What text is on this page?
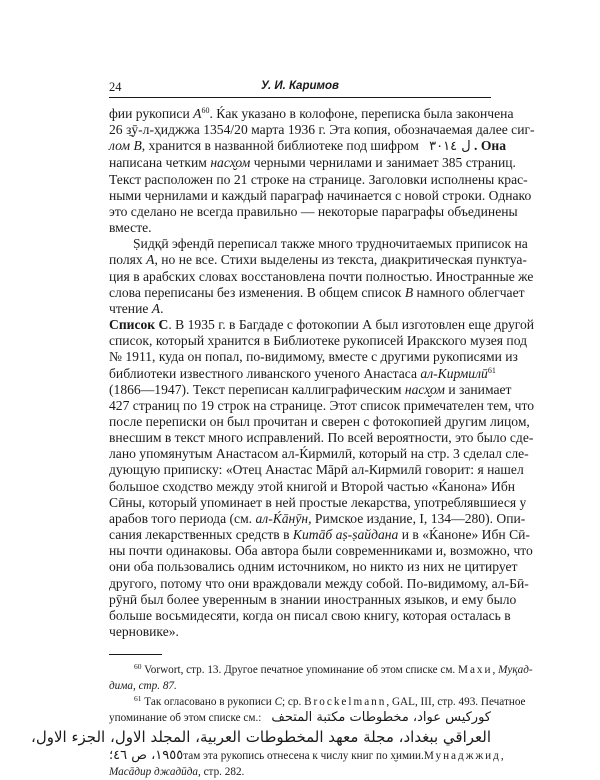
24	У. И. Каримов
фии рукописи $A^{60}$. Ќак указано в колофоне, переписка была закончена
26 з̱ӯ-л-ҳиджжа 1354/20 марта 1936 г. Эта копия, обозначаемая далее сиг-
лом B, хранится в названной библиотеке под шифром ل ۳۰۱٤ . Она
написана четким насх̮ом черными чернилами и занимает 385 страниц.
Текст расположен по 21 строке на странице. Заголовки исполнены крас-
ными чернилами и каждый параграф начинается с новой строки. Однако
это сделано не всегда правильно — некоторые параграфы объединены
вместе.
Ṣидқӣ эфендӣ переписал также много трудночитаемых приписок на
полях A, но не все. Стихи выделены из текста, диакритическая пунктуа-
ция в арабских словах восстановлена почти полностью. Иностранные же
слова переписаны без изменения. В общем список B намного облегчает
чтение A.
Список C. В 1935 г. в Багдаде с фотокопии А был изготовлен еще другой
список, который хранится в Библиотеке рукописей Иракского музея под
№ 1911, куда он попал, по-видимому, вместе с другими рукописями из
библиотеки известного ливанского ученого Анастаса ал-Кирмилӣ$^{61}$
(1866—1947). Текст переписан каллиграфическим насх̮ом и занимает
427 страниц по 19 строк на странице. Этот список примечателен тем, что
после переписки он был прочитан и сверен с фотокопией другим лицом,
внесшим в текст много исправлений. По всей вероятности, это было сде-
лано упомянутым Анастасом ал-Ќирмилӣ, который на стр. 3 сделал сле-
дующую приписку: «Отец Анастас Мāрӣ ал-Кирмилӣ говорит: я нашел
большое сходство между этой книгой и Второй частью «Ќанона» Ибн
Сӣны, который упоминает в ней простые лекарства, употреблявшиеся у
арабов того периода (см. ал-Ќāнӯн, Римское издание, I, 134—280). Опи-
сания лекарственных средств в Китāб аṣ-ṣайдана и в «Ќаноне» Ибн Сӣ-
ны почти одинаковы. Оба автора были современниками и, возможно, что
они оба пользовались одним источником, но никто из них не цитирует
другого, потому что они враждовали между собой. По-видимому, ал-Бӣ-
рӯнӣ был более уверенным в знании иностранных языков, и ему было
больше восьмидесяти, когда он писал свою книгу, которая осталась в
черновике».
$^{60}$ Vorwort, стр. 13. Другое печатное упоминание об этом списке см. Махи, Муқад-
дима, стр. 87.
$^{61}$ Так огласовано в рукописи C; ср. Brockelmann, GAL, III, стр. 493. Печатное
упоминание об этом списке см.: كوركيس عواد، مخطوطات مكتبة المتحف
العراقي ببغداد، مجلة معهد المخطوطات العربية، المجلد الاول، الجزء الاول،
١٩٥٥، ص ٤٦؛ там эта рукопись отнесена к числу книг по х̮имии. Мунаджжид,
Масāдир джадӣда, стр. 282.
